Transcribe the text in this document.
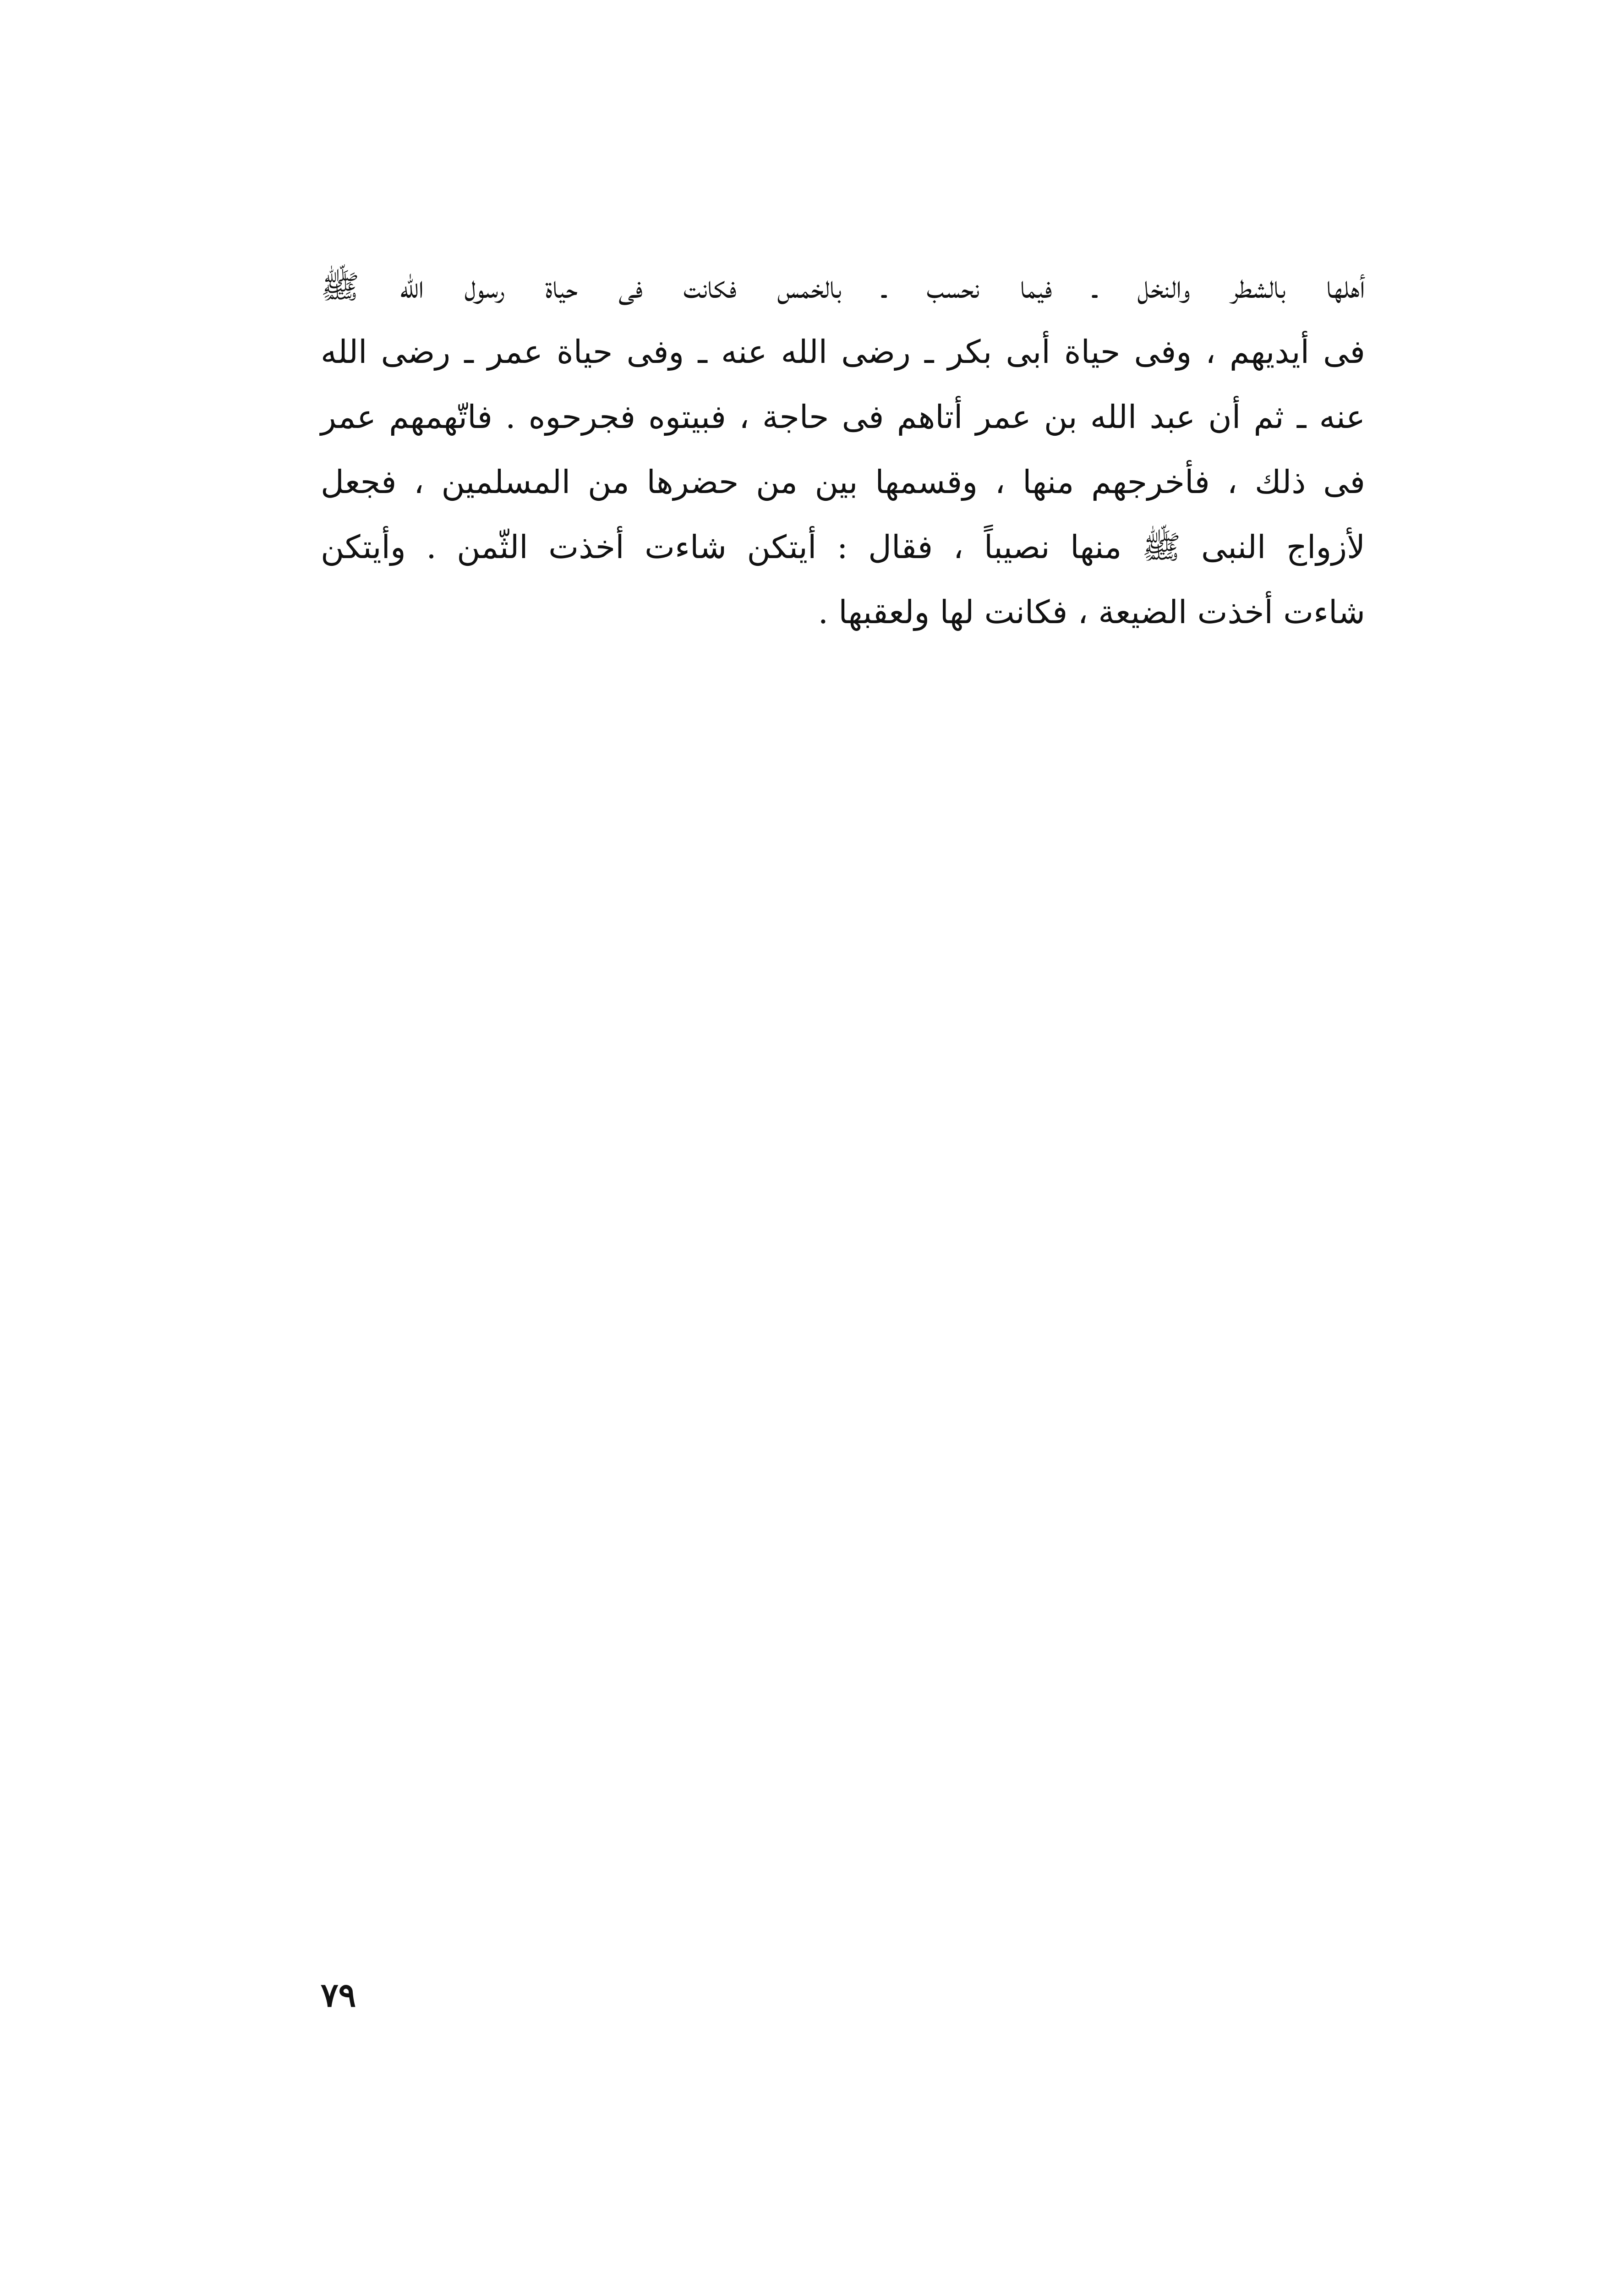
أهلها بالشطر والنخل ـ فيما نحسب ـ بالخمس فكانت فى حياة رسول الله ﷺ
فى أيديهم ، وفى حياة أبى بكر ـ رضى الله عنه ـ وفى حياة عمر ـ رضى الله
عنه ـ ثم أن عبد الله بن عمر أتاهم فى حاجة ، فبيتوه فجرحوه . فاتّهمهم عمر
فى ذلك ، فأخرجهم منها ، وقسمها بين من حضرها من المسلمين ، فجعل
لأزواج النبى ﷺ منها نصيباً ، فقال : أيتكن شاءت أخذت الثّمن . وأيتكن
شاءت أخذت الضيعة ، فكانت لها ولعقبها .
٧٩
